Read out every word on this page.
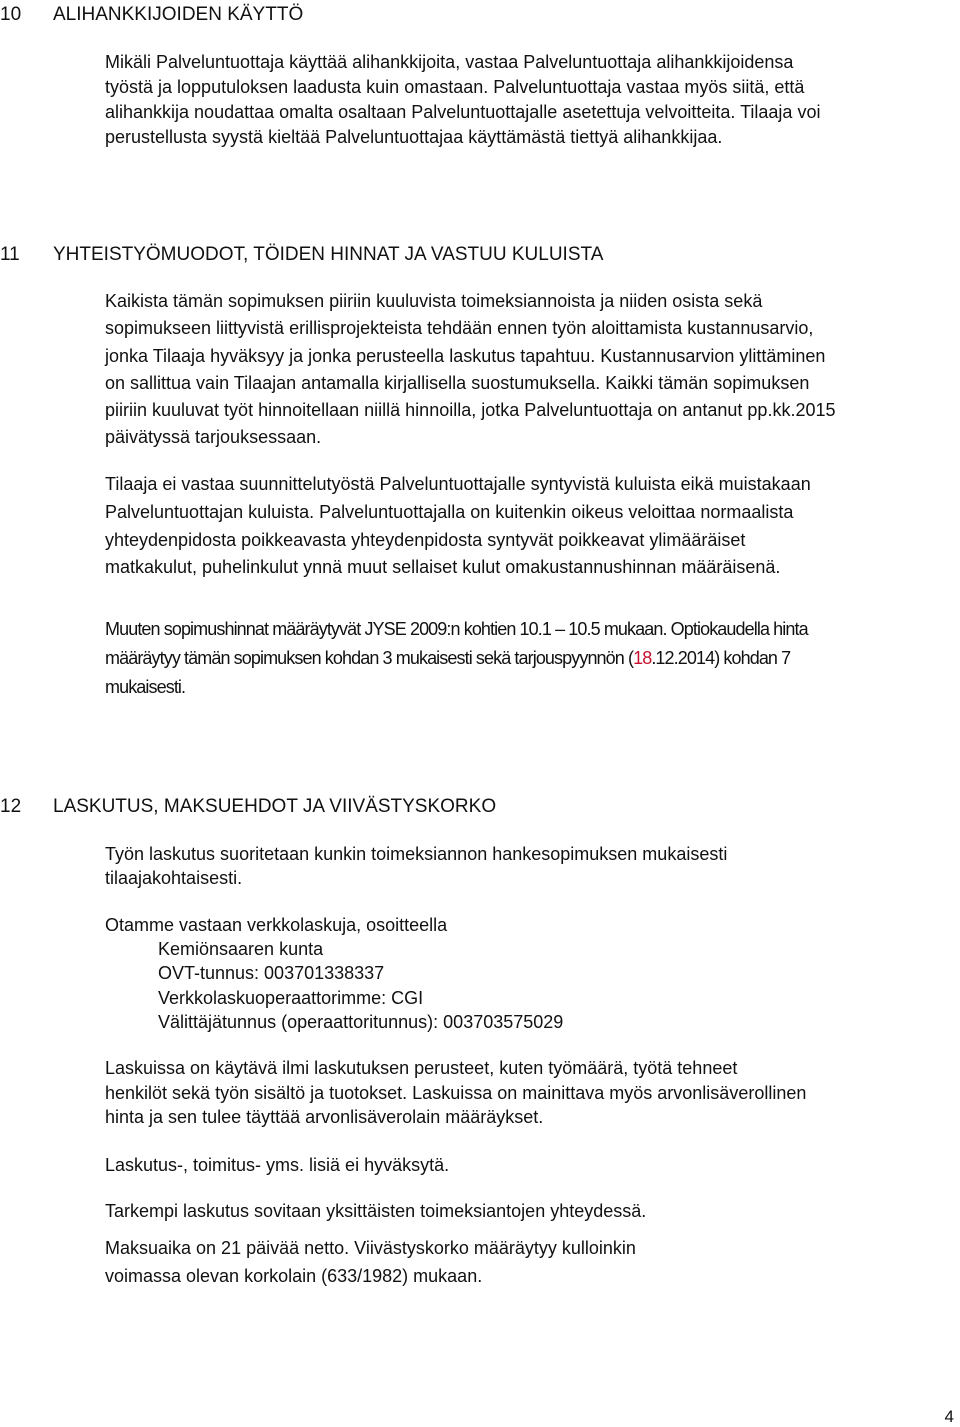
10 ALIHANKKIJOIDEN KÄYTTÖ
Mikäli Palveluntuottaja käyttää alihankkijoita, vastaa Palveluntuottaja alihankkijoidensa
työstä ja lopputuloksen laadusta kuin omastaan. Palveluntuottaja vastaa myös siitä, että
alihankkija noudattaa omalta osaltaan Palveluntuottajalle asetettuja velvoitteita. Tilaaja voi
perustellusta syystä kieltää Palveluntuottajaa käyttämästä tiettyä alihankkijaa.
11 YHTEISTYÖMUODOT, TÖIDEN HINNAT JA VASTUU KULUISTA
Kaikista tämän sopimuksen piiriin kuuluvista toimeksiannoista ja niiden osista sekä
sopimukseen liittyvistä erillisprojekteista tehdään ennen työn aloittamista kustannusarvio,
jonka Tilaaja hyväksyy ja jonka perusteella laskutus tapahtuu. Kustannusarvion ylittäminen
on sallittua vain Tilaajan antamalla kirjallisella suostumuksella. Kaikki tämän sopimuksen
piiriin kuuluvat työt hinnoitellaan niillä hinnoilla, jotka Palveluntuottaja on antanut pp.kk.2015
päivätyssä tarjouksessaan.
Tilaaja ei vastaa suunnittelutyöstä Palveluntuottajalle syntyvistä kuluista eikä muistakaan
Palveluntuottajan kuluista. Palveluntuottajalla on kuitenkin oikeus veloittaa normaalista
yhteydenpidosta poikkeavasta yhteydenpidosta syntyvät poikkeavat ylimääräiset
matkakulut, puhelinkulut ynnä muut sellaiset kulut omakustannushinnan määräisenä.
Muuten sopimushinnat määräytyvät JYSE 2009:n kohtien 10.1 – 10.5 mukaan. Optiokaudella hinta
määräytyy tämän sopimuksen kohdan 3 mukaisesti sekä tarjouspyynnön (18.12.2014) kohdan 7
mukaisesti.
12 LASKUTUS, MAKSUEHDOT JA VIIVÄSTYSKORKO
Työn laskutus suoritetaan kunkin toimeksiannon hankesopimuksen mukaisesti
tilaajakohtaisesti.
Otamme vastaan verkkolaskuja, osoitteella
Kemiönsaaren kunta
OVT-tunnus: 003701338337
Verkkolaskuoperaattorimme: CGI
Välittäjätunnus (operaattoritunnus): 003703575029
Laskuissa on käytävä ilmi laskutuksen perusteet, kuten työmäärä, työtä tehneet
henkilöt sekä työn sisältö ja tuotokset. Laskuissa on mainittava myös arvonlisäverollinen
hinta ja sen tulee täyttää arvonlisäverolain määräykset.
Laskutus-, toimitus- yms. lisiä ei hyväksytä.
Tarkempi laskutus sovitaan yksittäisten toimeksiantojen yhteydessä.
Maksuaika on 21 päivää netto. Viivästyskorko määräytyy kulloinkin
voimassa olevan korkolain (633/1982) mukaan.
4
